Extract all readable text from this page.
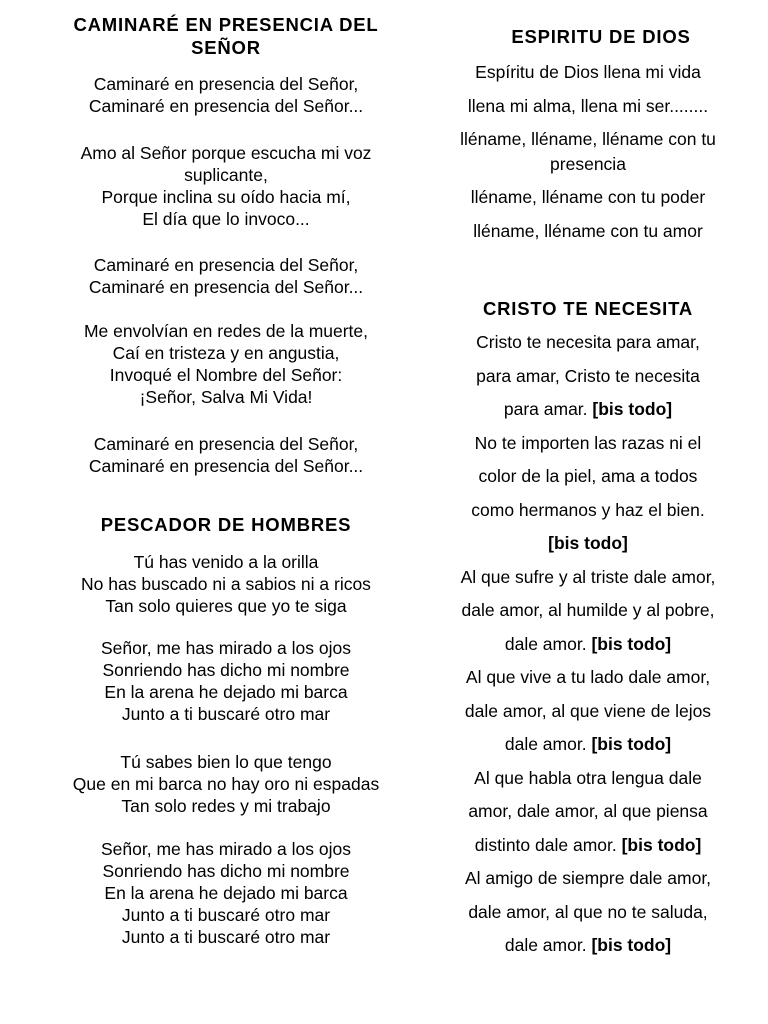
CAMINARÉ EN PRESENCIA DEL
SEÑOR
Caminaré en presencia del Señor,
Caminaré en presencia del Señor...
Amo al Señor porque escucha mi voz
suplicante,
Porque inclina su oído hacia mí,
El día que lo invoco...
Caminaré en presencia del Señor,
Caminaré en presencia del Señor...
Me envolvían en redes de la muerte,
Caí en tristeza y en angustia,
Invoqué el Nombre del Señor:
¡Señor, Salva Mi Vida!
Caminaré en presencia del Señor,
Caminaré en presencia del Señor...
PESCADOR DE HOMBRES
Tú has venido a la orilla
No has buscado ni a sabios ni a ricos
Tan solo quieres que yo te siga
Señor, me has mirado a los ojos
Sonriendo has dicho mi nombre
En la arena he dejado mi barca
Junto a ti buscaré otro mar
Tú sabes bien lo que tengo
Que en mi barca no hay oro ni espadas
Tan solo redes y mi trabajo
Señor, me has mirado a los ojos
Sonriendo has dicho mi nombre
En la arena he dejado mi barca
Junto a ti buscaré otro mar
Junto a ti buscaré otro mar
ESPIRITU DE DIOS
Espíritu de Dios llena mi vida
llena mi alma, llena mi ser........
lléname, lléname, lléname con tu
presencia
lléname, lléname con tu poder
lléname, lléname con tu amor
CRISTO TE NECESITA
Cristo te necesita para amar,
para amar, Cristo te necesita
para amar. [bis todo]
No te importen las razas ni el
color de la piel, ama a todos
como hermanos y haz el bien.
[bis todo]
Al que sufre y al triste dale amor,
dale amor, al humilde y al pobre,
dale amor. [bis todo]
Al que vive a tu lado dale amor,
dale amor, al que viene de lejos
dale amor. [bis todo]
Al que habla otra lengua dale
amor, dale amor, al que piensa
distinto dale amor. [bis todo]
Al amigo de siempre dale amor,
dale amor, al que no te saluda,
dale amor. [bis todo]
